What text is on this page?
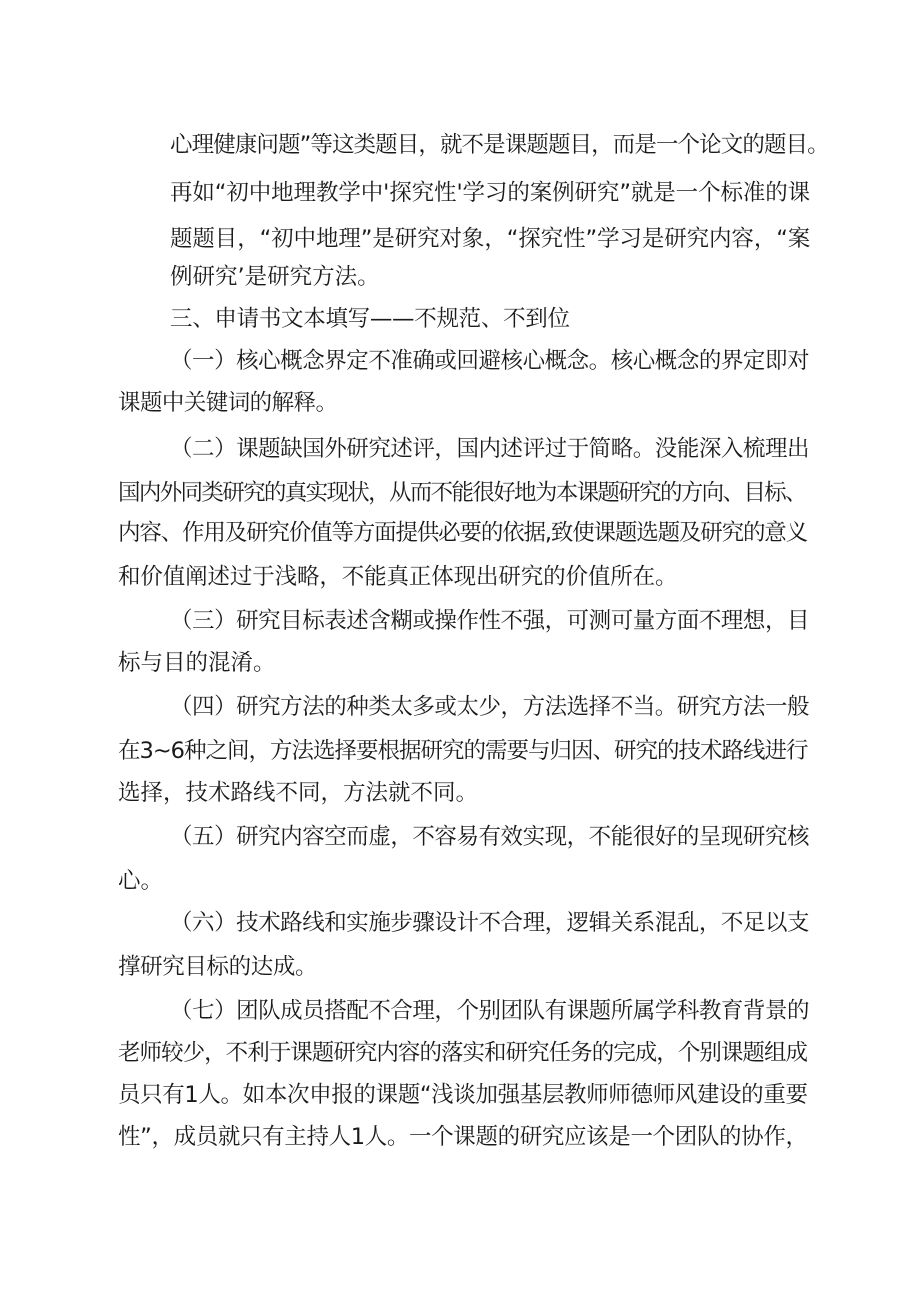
心理健康问题”等这类题目，就不是课题题目，而是一个论文的题目。
再如“初中地理教学中'探究性'学习的案例研究”就是一个标准的课
题题目，“初中地理”是研究对象，“探究性”学习是研究内容，“案
例研究’是研究方法。
三、申请书文本填写——不规范、不到位
（一）核心概念界定不准确或回避核心概念。核心概念的界定即对
课题中关键词的解释。
（二）课题缺国外研究述评，国内述评过于简略。没能深入梳理出
国内外同类研究的真实现状，从而不能很好地为本课题研究的方向、目标、
内容、作用及研究价值等方面提供必要的依据,致使课题选题及研究的意义
和价值阐述过于浅略，不能真正体现出研究的价值所在。
（三）研究目标表述含糊或操作性不强，可测可量方面不理想，目
标与目的混淆。
（四）研究方法的种类太多或太少，方法选择不当。研究方法一般
在3~6种之间，方法选择要根据研究的需要与归因、研究的技术路线进行
选择，技术路线不同，方法就不同。
（五）研究内容空而虚，不容易有效实现，不能很好的呈现研究核
心。
（六）技术路线和实施步骤设计不合理，逻辑关系混乱，不足以支
撑研究目标的达成。
（七）团队成员搭配不合理，个别团队有课题所属学科教育背景的
老师较少，不利于课题研究内容的落实和研究任务的完成，个别课题组成
员只有1人。如本次申报的课题“浅谈加强基层教师师德师风建设的重要
性”，成员就只有主持人1人。一个课题的研究应该是一个团队的协作，
